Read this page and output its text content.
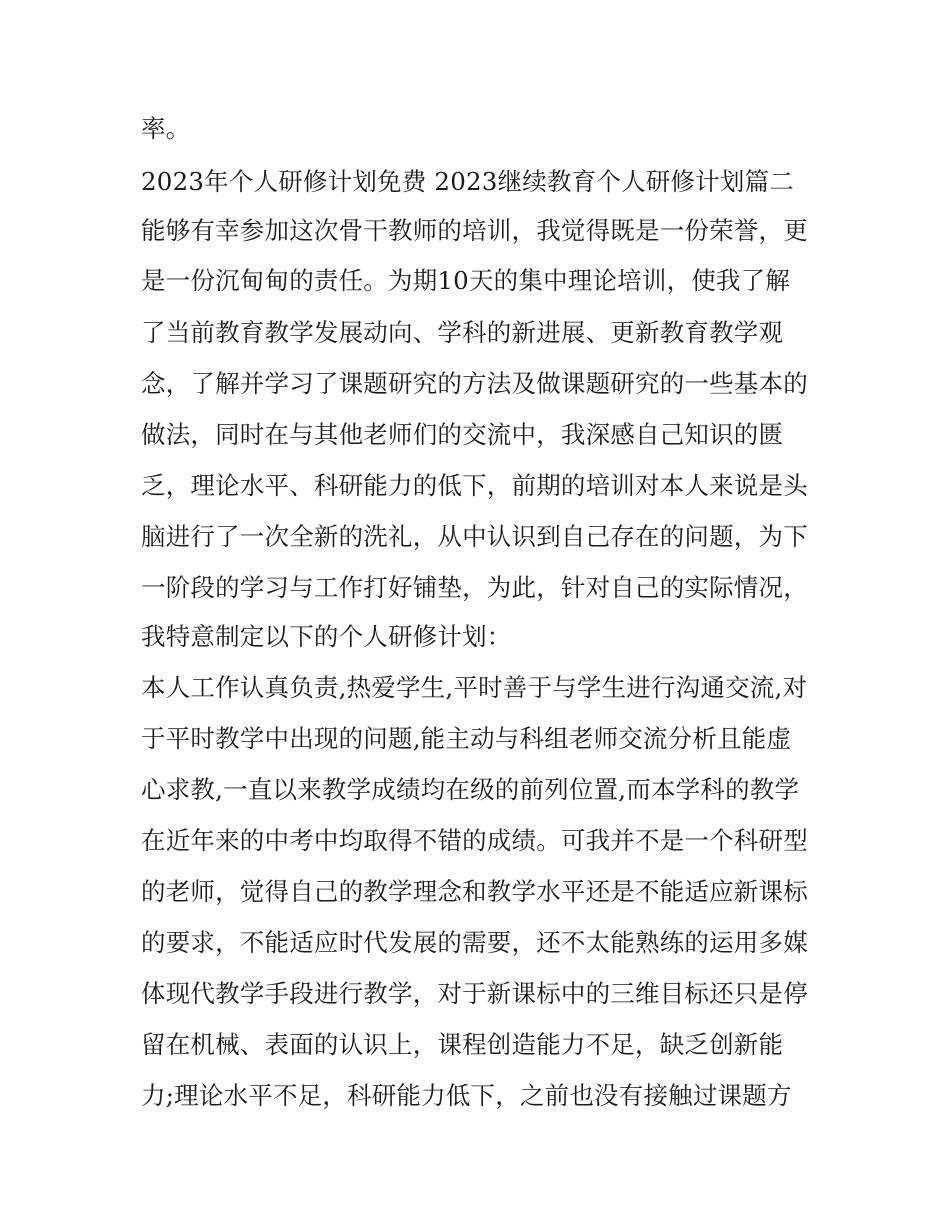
率。
2023年个人研修计划免费 2023继续教育个人研修计划篇二
能够有幸参加这次骨干教师的培训，我觉得既是一份荣誉，更
是一份沉甸甸的责任。为期10天的集中理论培训，使我了解
了当前教育教学发展动向、学科的新进展、更新教育教学观
念，了解并学习了课题研究的方法及做课题研究的一些基本的
做法，同时在与其他老师们的交流中，我深感自己知识的匮
乏，理论水平、科研能力的低下，前期的培训对本人来说是头
脑进行了一次全新的洗礼，从中认识到自己存在的问题，为下
一阶段的学习与工作打好铺垫，为此，针对自己的实际情况，
我特意制定以下的个人研修计划：
本人工作认真负责,热爱学生,平时善于与学生进行沟通交流,对
于平时教学中出现的问题,能主动与科组老师交流分析且能虚
心求教,一直以来教学成绩均在级的前列位置,而本学科的教学
在近年来的中考中均取得不错的成绩。可我并不是一个科研型
的老师，觉得自己的教学理念和教学水平还是不能适应新课标
的要求，不能适应时代发展的需要，还不太能熟练的运用多媒
体现代教学手段进行教学，对于新课标中的三维目标还只是停
留在机械、表面的认识上，课程创造能力不足，缺乏创新能
力;理论水平不足，科研能力低下，之前也没有接触过课题方
